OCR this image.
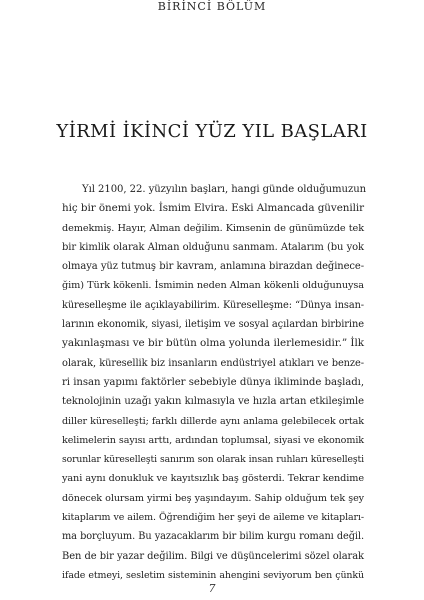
BİRİNCİ BÖLÜM
YİRMİ İKİNCİ YÜZ YIL BAŞLARI
Yıl 2100, 22. yüzyılın başları, hangi günde olduğumuzun
hiç bir önemi yok. İsmim Elvira. Eski Almancada güvenilir
demekmiş. Hayır, Alman değilim. Kimsenin de günümüzde tek
bir kimlik olarak Alman olduğunu sanmam. Atalarım (bu yok
olmaya yüz tutmuş bir kavram, anlamına birazdan değinece-
ğim) Türk kökenli. İsmimin neden Alman kökenli olduğunuysa
küreselleşme ile açıklayabilirim. Küreselleşme: “Dünya insan-
larının ekonomik, siyasi, iletişim ve sosyal açılardan birbirine
yakınlaşması ve bir bütün olma yolunda ilerlemesidir.” İlk
olarak, küresellik biz insanların endüstriyel atıkları ve benze-
ri insan yapımı faktörler sebebiyle dünya ikliminde başladı,
teknolojinin uzağı yakın kılmasıyla ve hızla artan etkileşimle
diller küreselleşti; farklı dillerde aynı anlama gelebilecek ortak
kelimelerin sayısı arttı, ardından toplumsal, siyasi ve ekonomik
sorunlar küreselleşti sanırım son olarak insan ruhları küreselleşti
yani aynı donukluk ve kayıtsızlık baş gösterdi. Tekrar kendime
dönecek olursam yirmi beş yaşındayım. Sahip olduğum tek şey
kitaplarım ve ailem. Öğrendiğim her şeyi de aileme ve kitapları-
ma borçluyum. Bu yazacaklarım bir bilim kurgu romanı değil.
Ben de bir yazar değilim. Bilgi ve düşüncelerimi sözel olarak
ifade etmeyi, sesletim sisteminin ahengini seviyorum ben çünkü
7
